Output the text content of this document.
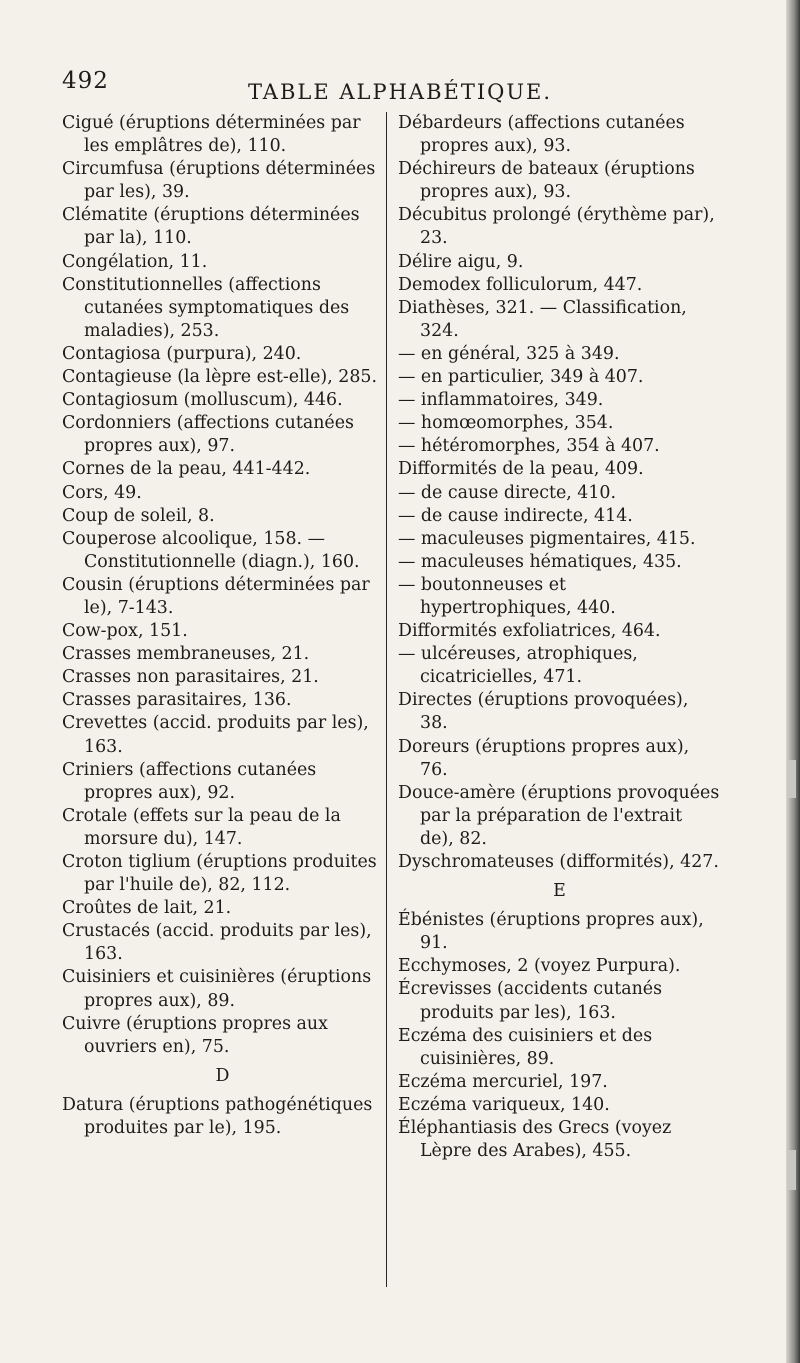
492	TABLE ALPHABÉTIQUE.

Cigué (éruptions déterminées par les emplâtres de), 110.

Circumfusa (éruptions déterminées par les), 39.

Clématite (éruptions déterminées par la), 110.

Congélation, 11.

Constitutionnelles (affections cutanées symptomatiques des maladies), 253.

Contagiosa (purpura), 240.

Contagieuse (la lèpre est-elle), 285.

Contagiosum (molluscum), 446.

Cordonniers (affections cutanées propres aux), 97.

Cornes de la peau, 441-442.

Cors, 49.

Coup de soleil, 8.

Couperose alcoolique, 158. — Constitutionnelle (diagn.), 160.

Cousin (éruptions déterminées par le), 7-143.

Cow-pox, 151.

Crasses membraneuses, 21.

Crasses non parasitaires, 21.

Crasses parasitaires, 136.

Crevettes (accid. produits par les), 163.

Criniers (affections cutanées propres aux), 92.

Crotale (effets sur la peau de la morsure du), 147.

Croton tiglium (éruptions produites par l'huile de), 82, 112.

Croûtes de lait, 21.

Crustacés (accid. produits par les), 163.

Cuisiniers et cuisinières (éruptions propres aux), 89.

Cuivre (éruptions propres aux ouvriers en), 75.

D

Datura (éruptions pathogénétiques produites par le), 195.

Débardeurs (affections cutanées propres aux), 93.

Déchireurs de bateaux (éruptions propres aux), 93.

Décubitus prolongé (érythème par), 23.

Délire aigu, 9.

Demodex folliculorum, 447.

Diathèses, 321. — Classification, 324.

— en général, 325 à 349.

— en particulier, 349 à 407.

— inflammatoires, 349.

— homœomorphes, 354.

— hétéromorphes, 354 à 407.

Difformités de la peau, 409.

— de cause directe, 410.

— de cause indirecte, 414.

— maculeuses pigmentaires, 415.

— maculeuses hématiques, 435.

— boutonneuses et hypertrophiques, 440.

Difformités exfoliatrices, 464.

— ulcéreuses, atrophiques, cicatricielles, 471.

Directes (éruptions provoquées), 38.

Doreurs (éruptions propres aux), 76.

Douce-amère (éruptions provoquées par la préparation de l'extrait de), 82.

Dyschromateuses (difformités), 427.

E

Ébénistes (éruptions propres aux), 91.

Ecchymoses, 2 (voyez Purpura).

Écrevisses (accidents cutanés produits par les), 163.

Eczéma des cuisiniers et des cuisinières, 89.

Eczéma mercuriel, 197.

Eczéma variqueux, 140.

Éléphantiasis des Grecs (voyez Lèpre des Arabes), 455.
